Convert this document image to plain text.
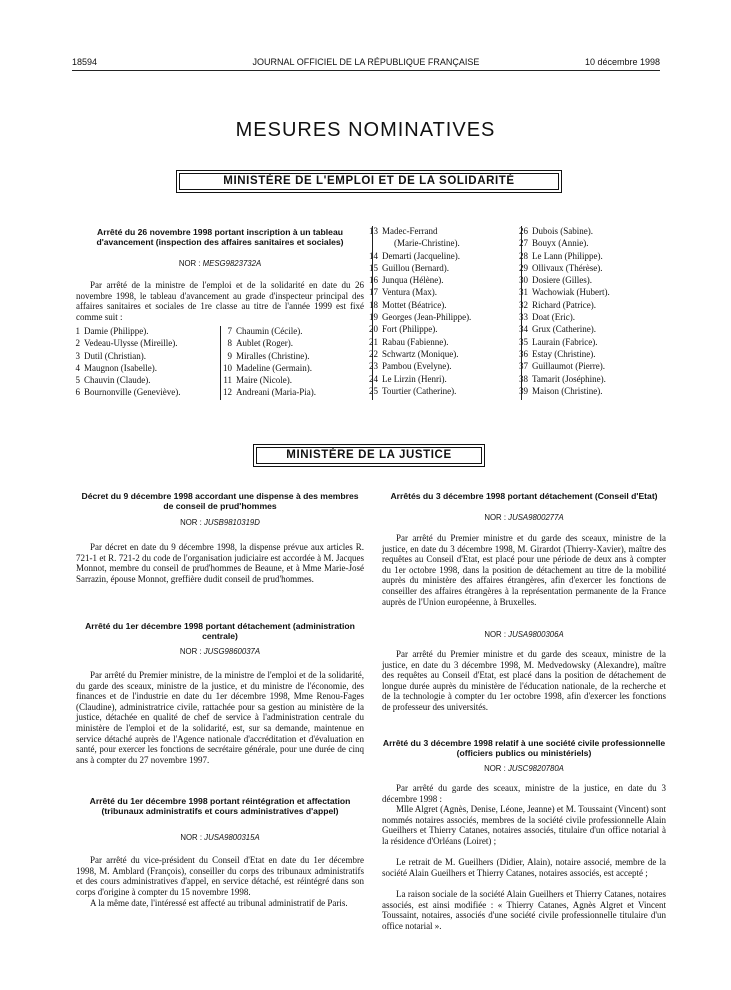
18594	JOURNAL OFFICIEL DE LA RÉPUBLIQUE FRANÇAISE	10 décembre 1998
MESURES NOMINATIVES
MINISTÈRE DE L'EMPLOI ET DE LA SOLIDARITÉ
Arrêté du 26 novembre 1998 portant inscription à un tableau d'avancement (inspection des affaires sanitaires et sociales)
NOR : MESG9823732A
Par arrêté de la ministre de l'emploi et de la solidarité en date du 26 novembre 1998, le tableau d'avancement au grade d'inspecteur principal des affaires sanitaires et sociales de 1re classe au titre de l'année 1999 est fixé comme suit :
1 Damie (Philippe).
2 Vedeau-Ulysse (Mireille).
3 Dutil (Christian).
4 Maugnon (Isabelle).
5 Chauvin (Claude).
6 Bournonville (Geneviève).
7 Chaumin (Cécile).
8 Aublet (Roger).
9 Miralles (Christine).
10 Madeline (Germain).
11 Maire (Nicole).
12 Andreani (Maria-Pia).
13 Madec-Ferrand
(Marie-Christine).
14 Demarti (Jacqueline).
15 Guillou (Bernard).
16 Junqua (Hélène).
17 Ventura (Max).
18 Mottet (Béatrice).
19 Georges (Jean-Philippe).
20 Fort (Philippe).
21 Rabau (Fabienne).
22 Schwartz (Monique).
23 Pambou (Evelyne).
24 Le Lirzin (Henri).
25 Tourtier (Catherine).
26 Dubois (Sabine).
27 Bouyx (Annie).
28 Le Lann (Philippe).
29 Ollivaux (Thérèse).
30 Dosiere (Gilles).
31 Wachowiak (Hubert).
32 Richard (Patrice).
33 Doat (Eric).
34 Grux (Catherine).
35 Laurain (Fabrice).
36 Estay (Christine).
37 Guillaumot (Pierre).
38 Tamarit (Joséphine).
39 Maison (Christine).
MINISTÈRE DE LA JUSTICE
Décret du 9 décembre 1998 accordant une dispense à des membres de conseil de prud'hommes
NOR : JUSB9810319D
Par décret en date du 9 décembre 1998, la dispense prévue aux articles R. 721-1 et R. 721-2 du code de l'organisation judiciaire est accordée à M. Jacques Monnot, membre du conseil de prud'hommes de Beaune, et à Mme Marie-José Sarrazin, épouse Monnot, greffière dudit conseil de prud'hommes.
Arrêté du 1er décembre 1998 portant détachement (administration centrale)
NOR : JUSG9860037A
Par arrêté du Premier ministre, de la ministre de l'emploi et de la solidarité, du garde des sceaux, ministre de la justice, et du ministre de l'économie, des finances et de l'industrie en date du 1er décembre 1998, Mme Renou-Fages (Claudine), administratrice civile, rattachée pour sa gestion au ministère de la justice, détachée en qualité de chef de service à l'administration centrale du ministère de l'emploi et de la solidarité, est, sur sa demande, maintenue en service détaché auprès de l'Agence nationale d'accréditation et d'évaluation en santé, pour exercer les fonctions de secrétaire générale, pour une durée de cinq ans à compter du 27 novembre 1997.
Arrêté du 1er décembre 1998 portant réintégration et affectation (tribunaux administratifs et cours administratives d'appel)
NOR : JUSA9800315A
Par arrêté du vice-président du Conseil d'Etat en date du 1er décembre 1998, M. Amblard (François), conseiller du corps des tribunaux administratifs et des cours administratives d'appel, en service détaché, est réintégré dans son corps d'origine à compter du 15 novembre 1998.
A la même date, l'intéressé est affecté au tribunal administratif de Paris.
Arrêtés du 3 décembre 1998 portant détachement (Conseil d'Etat)
NOR : JUSA9800277A
Par arrêté du Premier ministre et du garde des sceaux, ministre de la justice, en date du 3 décembre 1998, M. Girardot (Thierry-Xavier), maître des requêtes au Conseil d'Etat, est placé pour une période de deux ans à compter du 1er octobre 1998, dans la position de détachement au titre de la mobilité auprès du ministère des affaires étrangères, afin d'exercer les fonctions de conseiller des affaires étrangères à la représentation permanente de la France auprès de l'Union européenne, à Bruxelles.
NOR : JUSA9800306A
Par arrêté du Premier ministre et du garde des sceaux, ministre de la justice, en date du 3 décembre 1998, M. Medvedowsky (Alexandre), maître des requêtes au Conseil d'Etat, est placé dans la position de détachement de longue durée auprès du ministère de l'éducation nationale, de la recherche et de la technologie à compter du 1er octobre 1998, afin d'exercer les fonctions de professeur des universités.
Arrêté du 3 décembre 1998 relatif à une société civile professionnelle (officiers publics ou ministériels)
NOR : JUSC9820780A
Par arrêté du garde des sceaux, ministre de la justice, en date du 3 décembre 1998 :
Mlle Algret (Agnès, Denise, Léone, Jeanne) et M. Toussaint (Vincent) sont nommés notaires associés, membres de la société civile professionnelle Alain Gueilhers et Thierry Catanes, notaires associés, titulaire d'un office notarial à la résidence d'Orléans (Loiret) ;
Le retrait de M. Gueilhers (Didier, Alain), notaire associé, membre de la société Alain Gueilhers et Thierry Catanes, notaires associés, est accepté ;
La raison sociale de la société Alain Gueilhers et Thierry Catanes, notaires associés, est ainsi modifiée : « Thierry Catanes, Agnès Algret et Vincent Toussaint, notaires, associés d'une société civile professionnelle titulaire d'un office notarial ».
